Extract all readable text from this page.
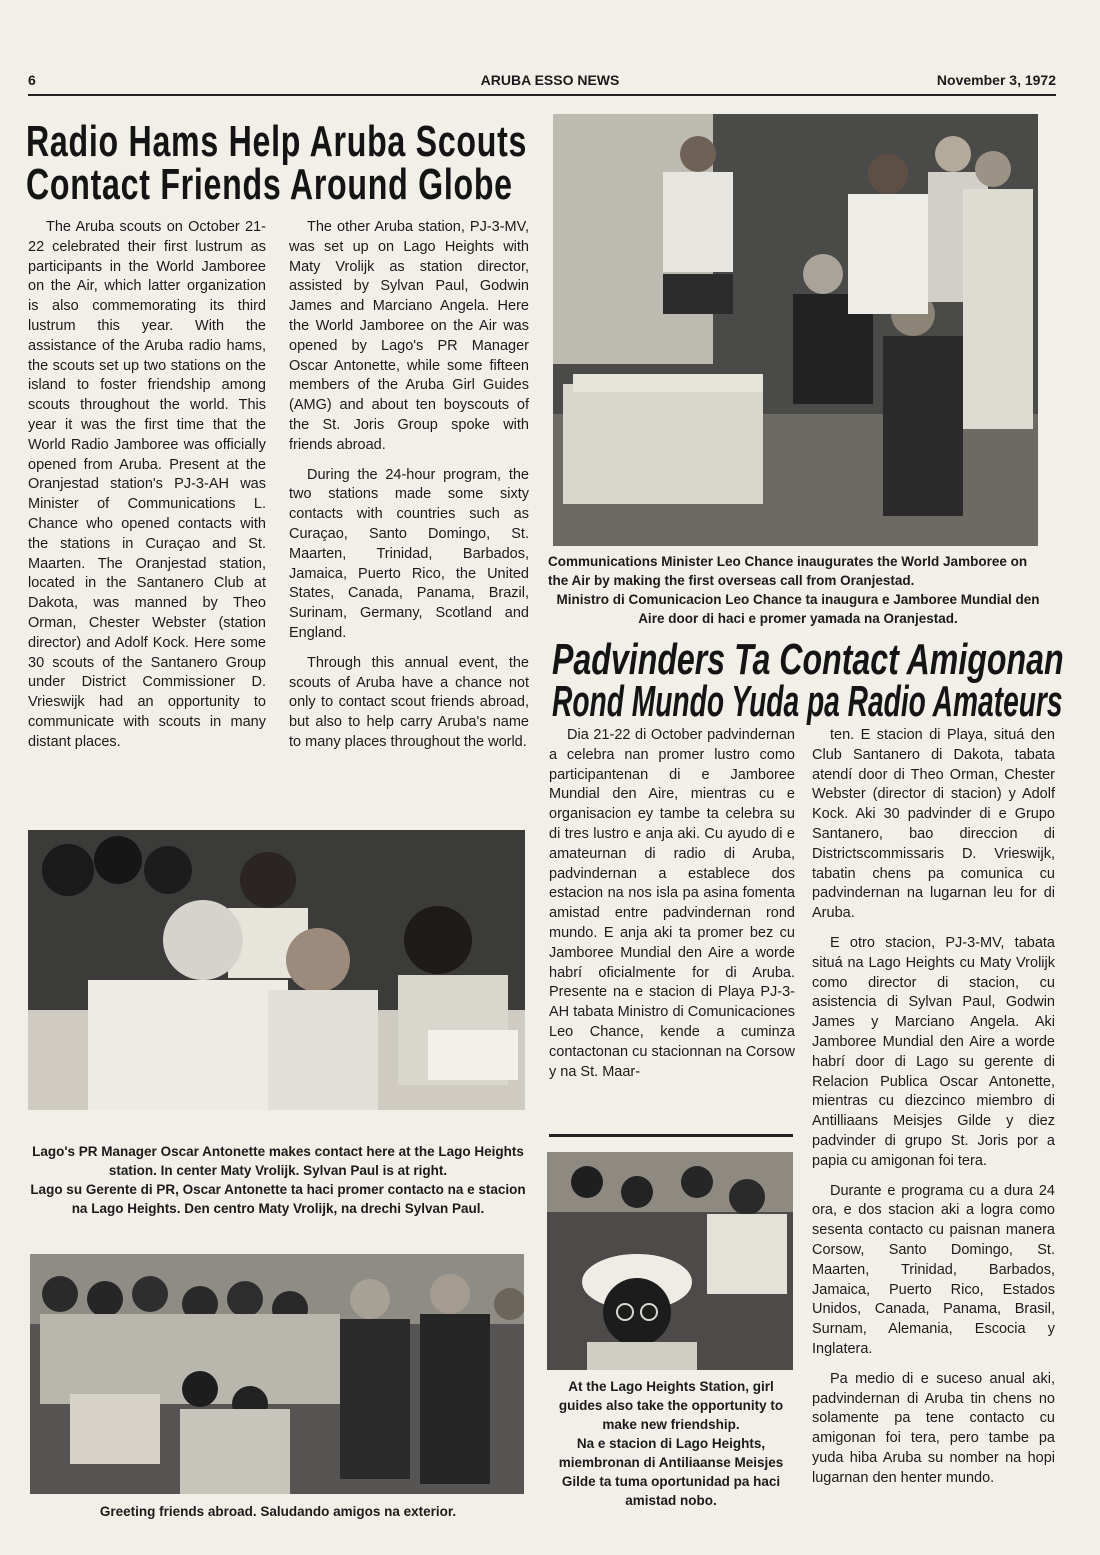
6	ARUBA ESSO NEWS	November 3, 1972
Radio Hams Help Aruba Scouts
Contact Friends Around Globe

The Aruba scouts on October 21-22 celebrated their first lustrum as participants in the World Jamboree on the Air, which latter organization is also commemorating its third lustrum this year. With the assistance of the Aruba radio hams, the scouts set up two stations on the island to foster friendship among scouts throughout the world. This year it was the first time that the World Radio Jamboree was officially opened from Aruba. Present at the Oranjestad station's PJ-3-AH was Minister of Communications L. Chance who opened contacts with the stations in Curaçao and St. Maarten. The Oranjestad station, located in the Santanero Club at Dakota, was manned by Theo Orman, Chester Webster (station director) and Adolf Kock. Here some 30 scouts of the Santanero Group under District Commissioner D. Vrieswijk had an opportunity to communicate with scouts in many distant places.

The other Aruba station, PJ-3-MV, was set up on Lago Heights with Maty Vrolijk as station director, assisted by Sylvan Paul, Godwin James and Marciano Angela. Here the World Jamboree on the Air was opened by Lago's PR Manager Oscar Antonette, while some fifteen members of the Aruba Girl Guides (AMG) and about ten boyscouts of the St. Joris Group spoke with friends abroad.

During the 24-hour program, the two stations made some sixty contacts with countries such as Curaçao, Santo Domingo, St. Maarten, Trinidad, Barbados, Jamaica, Puerto Rico, the United States, Canada, Panama, Brazil, Surinam, Germany, Scotland and England.

Through this annual event, the scouts of Aruba have a chance not only to contact scout friends abroad, but also to help carry Aruba's name to many places throughout the world.

Communications Minister Leo Chance inaugurates the World Jamboree on the Air by making the first overseas call from Oranjestad.
Ministro di Comunicacion Leo Chance ta inaugura e Jamboree Mundial den Aire door di haci e promer yamada na Oranjestad.
Padvinders Ta Contact Amigonan
Rond Mundo Yuda pa Radio Amateurs

Dia 21-22 di October padvindernan a celebra nan promer lustro como participantenan di e Jamboree Mundial den Aire, mientras cu e organisacion ey tambe ta celebra su di tres lustro e anja aki. Cu ayudo di e amateurnan di radio di Aruba, padvindernan a establece dos estacion na nos isla pa asina fomenta amistad entre padvindernan rond mundo. E anja aki ta promer bez cu Jamboree Mundial den Aire a worde habrí oficialmente for di Aruba. Presente na e stacion di Playa PJ-3-AH tabata Ministro di Comunicaciones Leo Chance, kende a cuminza contactonan cu stacionnan na Corsow y na St. Maar-

ten. E stacion di Playa, situá den Club Santanero di Dakota, tabata atendí door di Theo Orman, Chester Webster (director di stacion) y Adolf Kock. Aki 30 padvinder di e Grupo Santanero, bao direccion di Districtscommissaris D. Vrieswijk, tabatin chens pa comunica cu padvindernan na lugarnan leu for di Aruba.

E otro stacion, PJ-3-MV, tabata situá na Lago Heights cu Maty Vrolijk como director di stacion, cu asistencia di Sylvan Paul, Godwin James y Marciano Angela. Aki Jamboree Mundial den Aire a worde habrí door di Lago su gerente di Relacion Publica Oscar Antonette, mientras cu diezcinco miembro di Antilliaans Meisjes Gilde y diez padvinder di grupo St. Joris por a papia cu amigonan foi tera.

Durante e programa cu a dura 24 ora, e dos stacion aki a logra como sesenta contacto cu paisnan manera Corsow, Santo Domingo, St. Maarten, Trinidad, Barbados, Jamaica, Puerto Rico, Estados Unidos, Canada, Panama, Brasil, Surnam, Alemania, Escocia y Inglatera.

Pa medio di e suceso anual aki, padvindernan di Aruba tin chens no solamente pa tene contacto cu amigonan foi tera, pero tambe pa yuda hiba Aruba su nomber na hopi lugarnan den henter mundo.

Lago's PR Manager Oscar Antonette makes contact here at the Lago Heights station. In center Maty Vrolijk. Sylvan Paul is at right.
Lago su Gerente di PR, Oscar Antonette ta haci promer contacto na e stacion na Lago Heights. Den centro Maty Vrolijk, na drechi Sylvan Paul.
Greeting friends abroad. Saludando amigos na exterior.
At the Lago Heights Station, girl guides also take the opportunity to make new friendship.
Na e stacion di Lago Heights, miembronan di Antiliaanse Meisjes Gilde ta tuma oportunidad pa haci amistad nobo.
